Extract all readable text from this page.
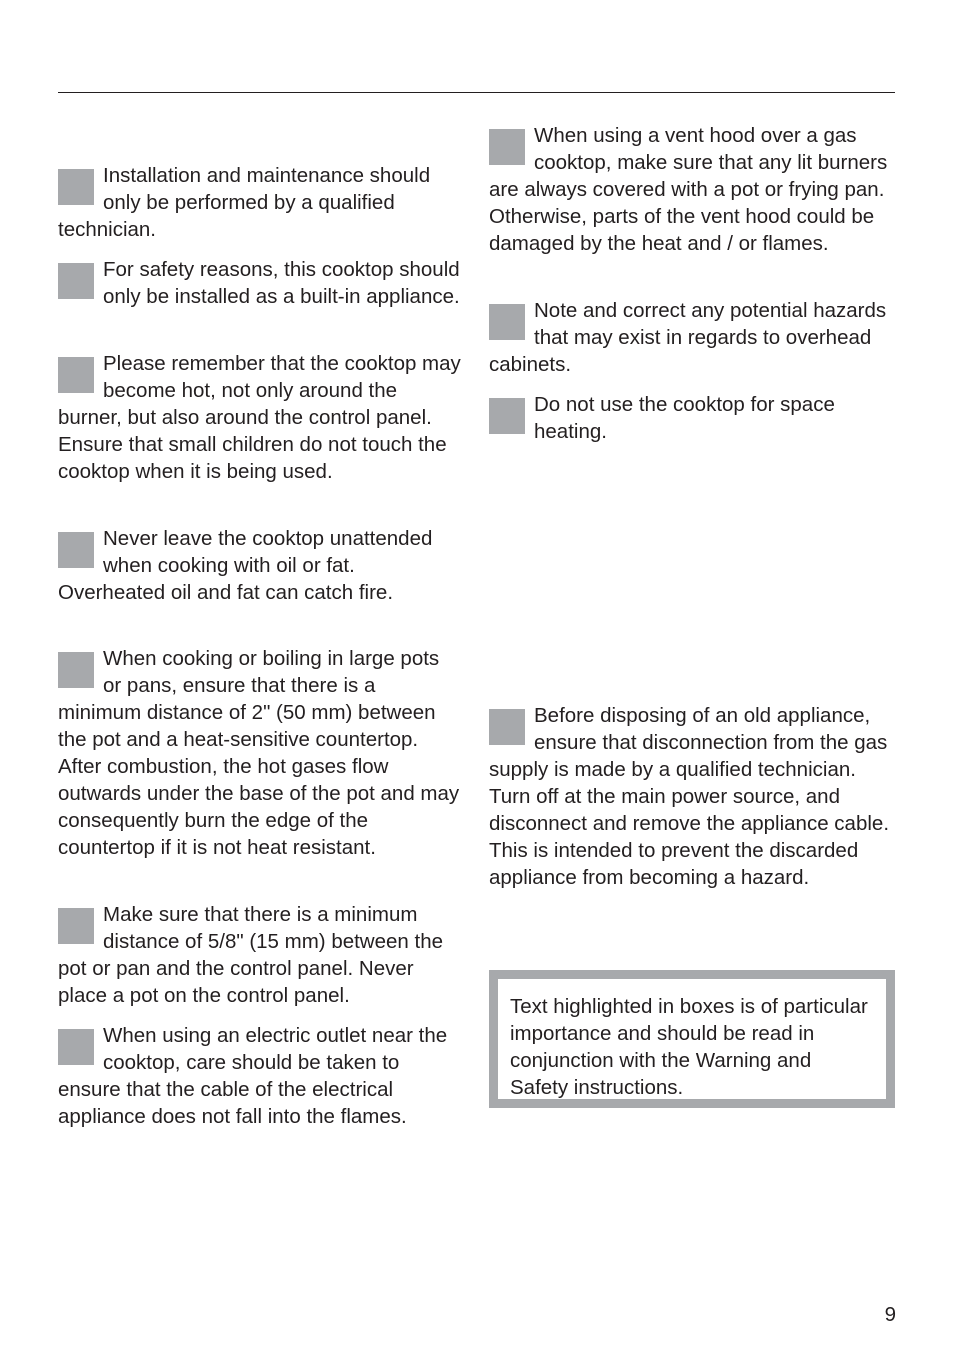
Installation and maintenance should only be performed by a qualified technician.

For safety reasons, this cooktop should only be installed as a built-in appliance.

Please remember that the cooktop may become hot, not only around the burner, but also around the control panel. Ensure that small children do not touch the cooktop when it is being used.

Never leave the cooktop unattended when cooking with oil or fat. Overheated oil and fat can catch fire.

When cooking or boiling in large pots or pans, ensure that there is a minimum distance of 2" (50 mm) between the pot and a heat-sensitive countertop. After combustion, the hot gases flow outwards under the base of the pot and may consequently burn the edge of the countertop if it is not heat resistant.

Make sure that there is a minimum distance of 5/8" (15 mm) between the pot or pan and the control panel. Never place a pot on the control panel.

When using an electric outlet near the cooktop, care should be taken to ensure that the cable of the electrical appliance does not fall into the flames.

When using a vent hood over a gas cooktop, make sure that any lit burners are always covered with a pot or frying pan. Otherwise, parts of the vent hood could be damaged by the heat and / or flames.

Note and correct any potential hazards that may exist in regards to overhead cabinets.

Do not use the cooktop for space heating.

Before disposing of an old appliance, ensure that disconnection from the gas supply is made by a qualified technician. Turn off at the main power source, and disconnect and remove the appliance cable. This is intended to prevent the discarded appliance from becoming a hazard.

Text highlighted in boxes is of particular importance and should be read in conjunction with the Warning and Safety instructions.
9
